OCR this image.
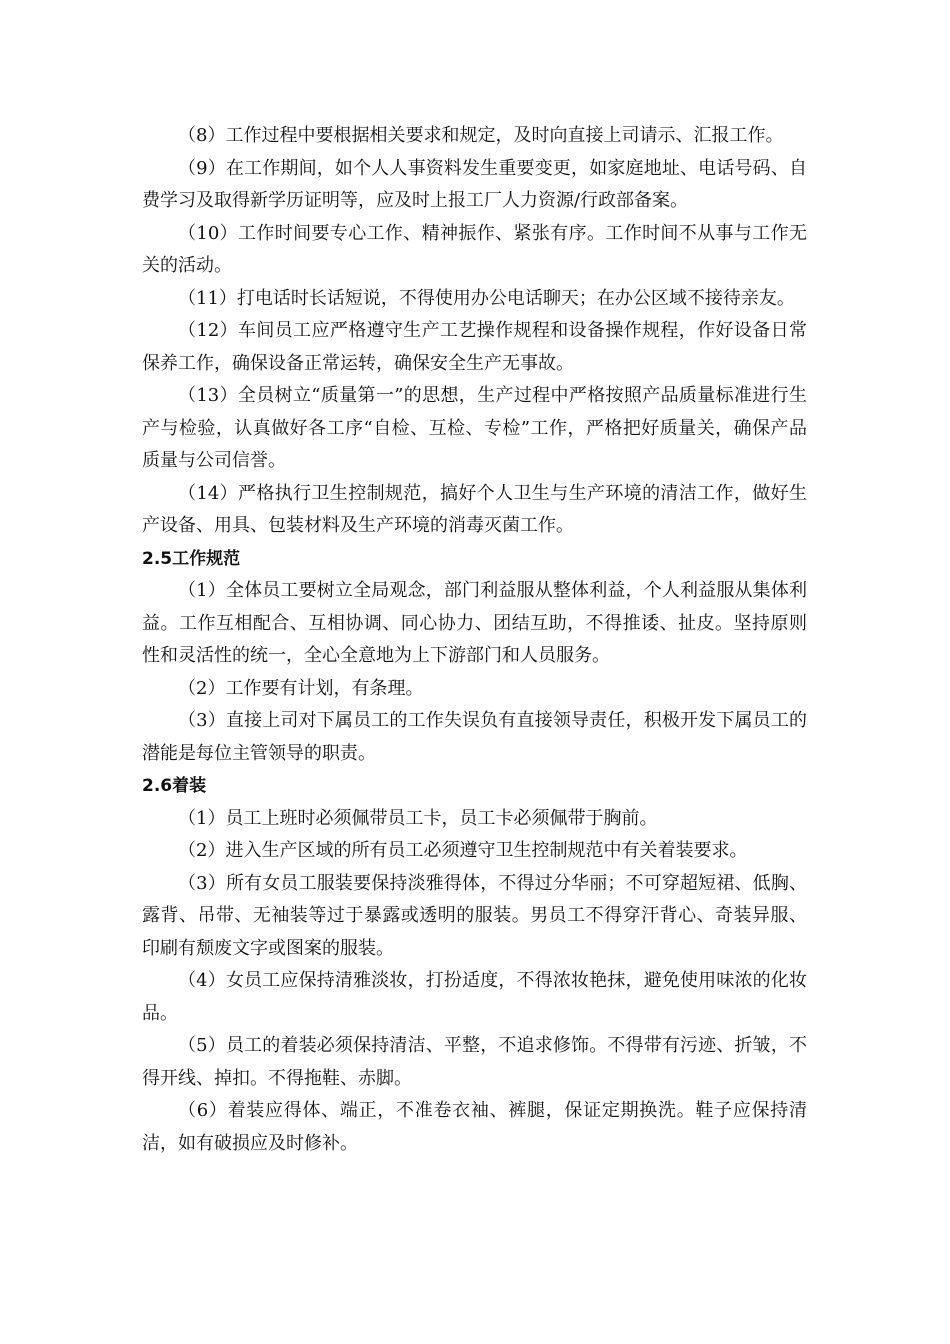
（8）工作过程中要根据相关要求和规定，及时向直接上司请示、汇报工作。

（9）在工作期间，如个人人事资料发生重要变更，如家庭地址、电话号码、自费学习及取得新学历证明等，应及时上报工厂人力资源/行政部备案。

（10）工作时间要专心工作、精神振作、紧张有序。工作时间不从事与工作无关的活动。

（11）打电话时长话短说，不得使用办公电话聊天；在办公区域不接待亲友。

（12）车间员工应严格遵守生产工艺操作规程和设备操作规程，作好设备日常保养工作，确保设备正常运转，确保安全生产无事故。

（13）全员树立“质量第一”的思想，生产过程中严格按照产品质量标准进行生产与检验，认真做好各工序“自检、互检、专检”工作，严格把好质量关，确保产品质量与公司信誉。

（14）严格执行卫生控制规范，搞好个人卫生与生产环境的清洁工作，做好生产设备、用具、包装材料及生产环境的消毒灭菌工作。

2.5工作规范

（1）全体员工要树立全局观念，部门利益服从整体利益，个人利益服从集体利益。工作互相配合、互相协调、同心协力、团结互助，不得推诿、扯皮。坚持原则性和灵活性的统一，全心全意地为上下游部门和人员服务。

（2）工作要有计划，有条理。

（3）直接上司对下属员工的工作失误负有直接领导责任，积极开发下属员工的潜能是每位主管领导的职责。

2.6着装

（1）员工上班时必须佩带员工卡，员工卡必须佩带于胸前。

（2）进入生产区域的所有员工必须遵守卫生控制规范中有关着装要求。

（3）所有女员工服装要保持淡雅得体，不得过分华丽；不可穿超短裙、低胸、露背、吊带、无袖装等过于暴露或透明的服装。男员工不得穿汗背心、奇装异服、印刷有颓废文字或图案的服装。

（4）女员工应保持清雅淡妆，打扮适度，不得浓妆艳抹，避免使用味浓的化妆品。

（5）员工的着装必须保持清洁、平整，不追求修饰。不得带有污迹、折皱，不得开线、掉扣。不得拖鞋、赤脚。

（6）着装应得体、端正，不准卷衣袖、裤腿，保证定期换洗。鞋子应保持清洁，如有破损应及时修补。
